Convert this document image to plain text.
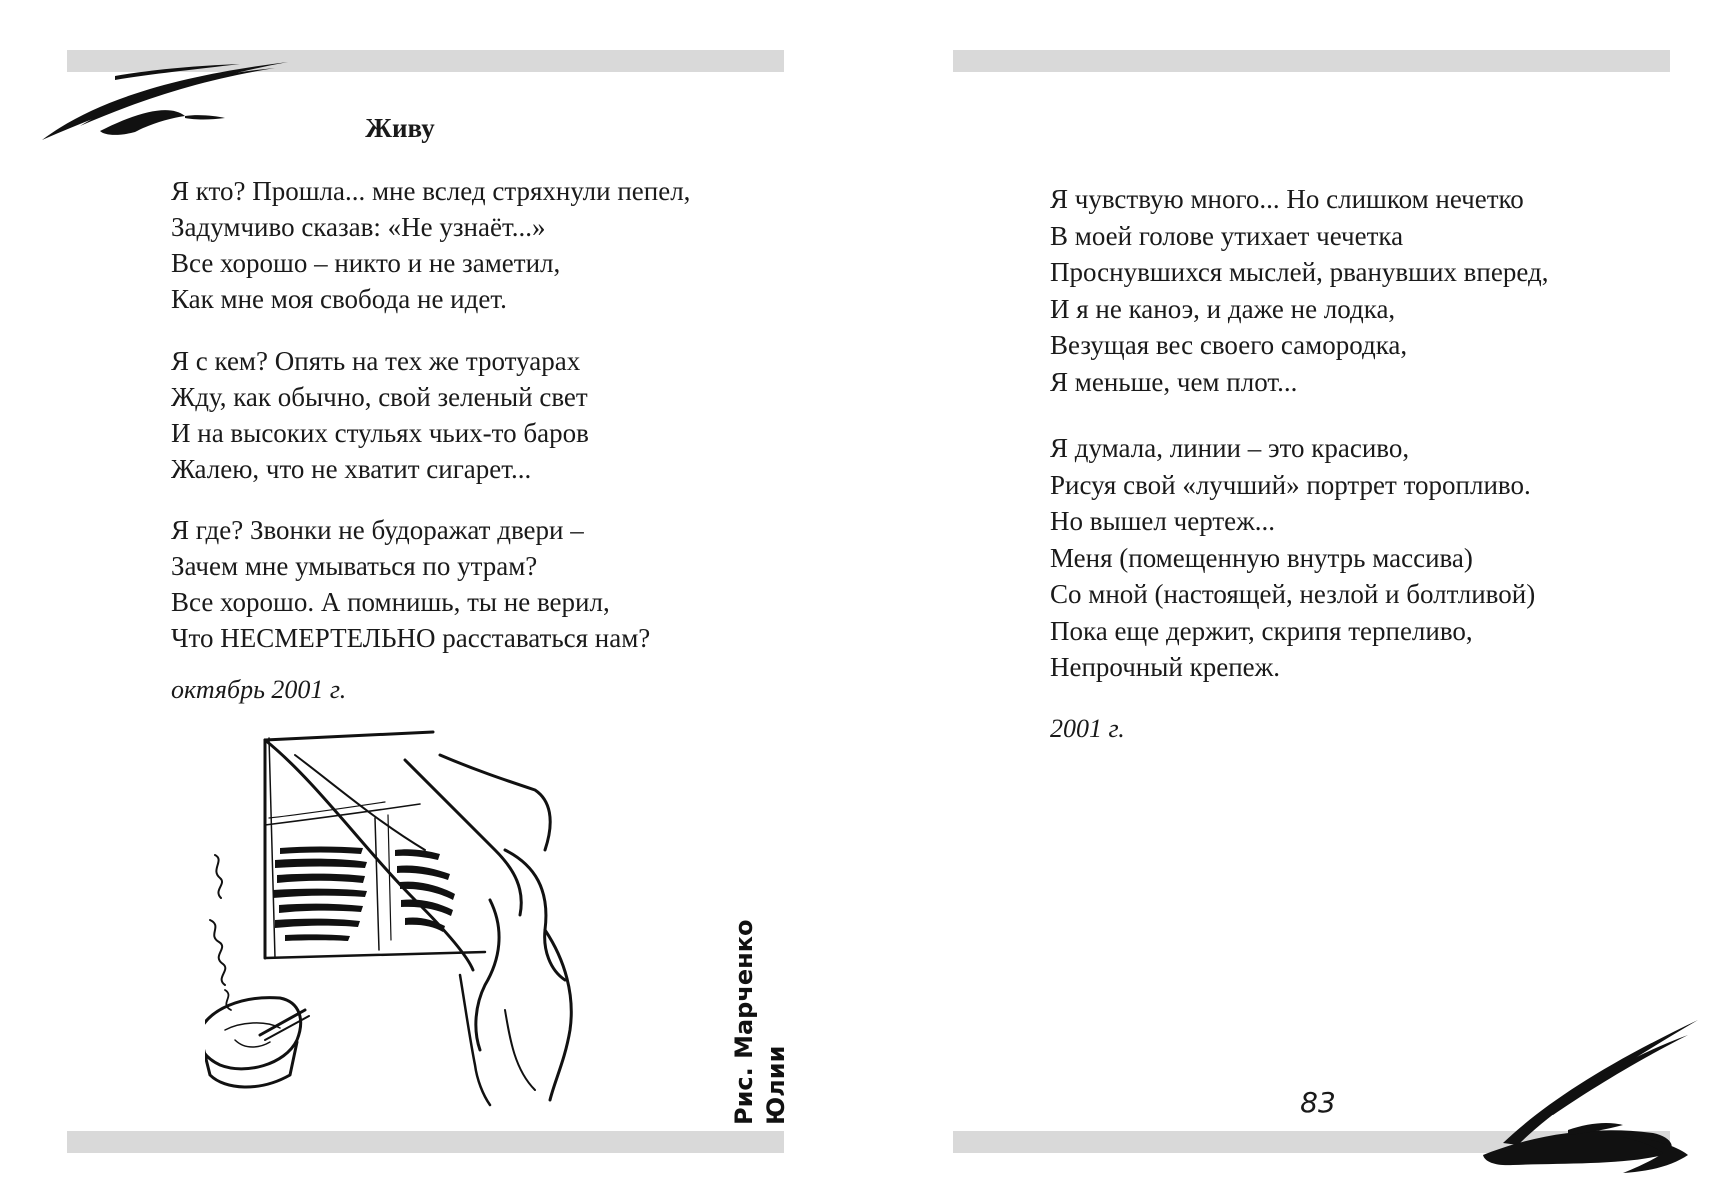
Живу
Я кто? Прошла... мне вслед стряхнули пепел,
Задумчиво сказав: «Не узнаёт...»
Все хорошо – никто и не заметил,
Как мне моя свобода не идет.
Я с кем? Опять на тех же тротуарах
Жду, как обычно, свой зеленый свет
И на высоких стульях чьих-то баров
Жалею, что не хватит сигарет...
Я где? Звонки не будоражат двери –
Зачем мне умываться по утрам?
Все хорошо. А помнишь, ты не верил,
Что НЕСМЕРТЕЛЬНО расставаться нам?
октябрь 2001 г.
Рис. Марченко Юлии
Я чувствую много... Но слишком нечетко
В моей голове утихает чечетка
Проснувшихся мыслей, рванувших вперед,
И я не каноэ, и даже не лодка,
Везущая вес своего самородка,
Я меньше, чем плот...
Я думала, линии – это красиво,
Рисуя свой «лучший» портрет торопливо.
Но вышел чертеж...
Меня (помещенную внутрь массива)
Со мной (настоящей, незлой и болтливой)
Пока еще держит, скрипя терпеливо,
Непрочный крепеж.
2001 г.
83
